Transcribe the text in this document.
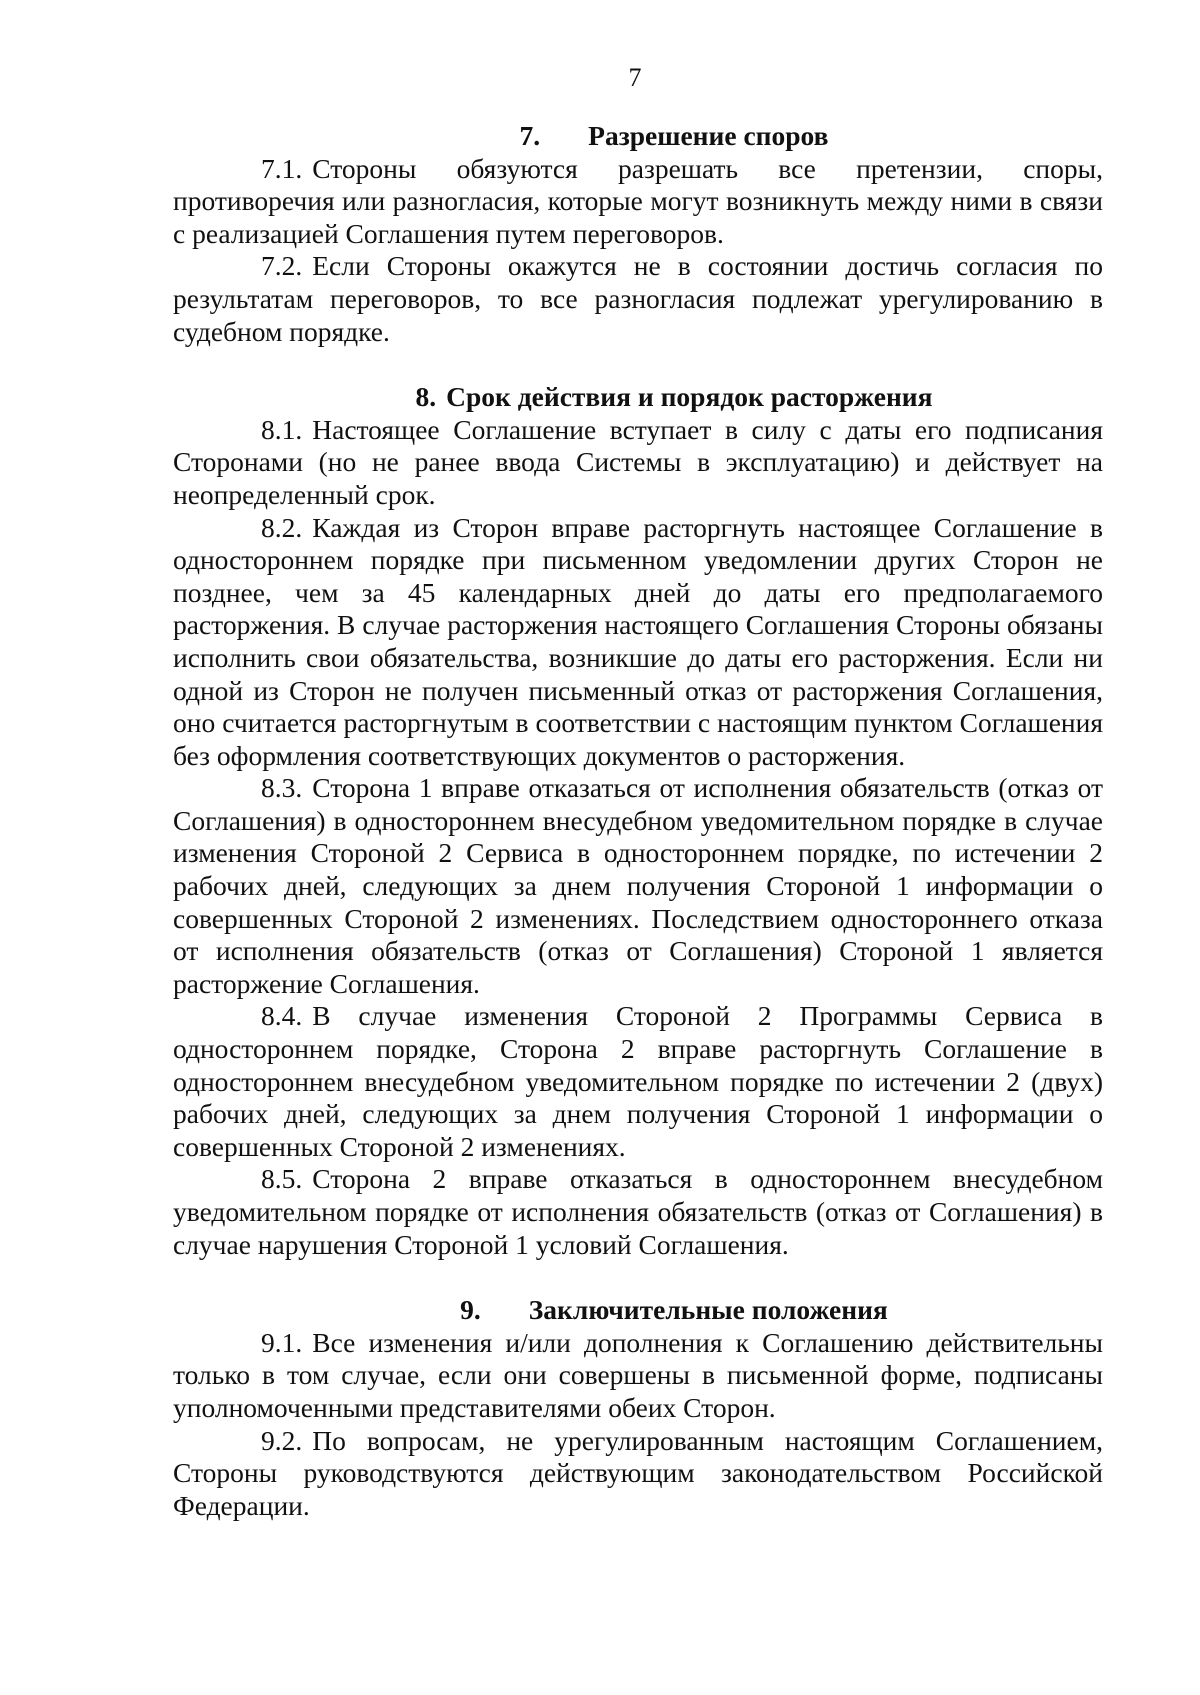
7
7. Разрешение споров

7.1. Стороны обязуются разрешать все претензии, споры, противоречия или разногласия, которые могут возникнуть между ними в связи с реализацией Соглашения путем переговоров.

7.2. Если Стороны окажутся не в состоянии достичь согласия по результатам переговоров, то все разногласия подлежат урегулированию в судебном порядке.

8. Срок действия и порядок расторжения

8.1. Настоящее Соглашение вступает в силу с даты его подписания Сторонами (но не ранее ввода Системы в эксплуатацию) и действует на неопределенный срок.

8.2. Каждая из Сторон вправе расторгнуть настоящее Соглашение в одностороннем порядке при письменном уведомлении других Сторон не позднее, чем за 45 календарных дней до даты его предполагаемого расторжения. В случае расторжения настоящего Соглашения Стороны обязаны исполнить свои обязательства, возникшие до даты его расторжения. Если ни одной из Сторон не получен письменный отказ от расторжения Соглашения, оно считается расторгнутым в соответствии с настоящим пунктом Соглашения без оформления соответствующих документов о расторжения.

8.3. Сторона 1 вправе отказаться от исполнения обязательств (отказ от Соглашения) в одностороннем внесудебном уведомительном порядке в случае изменения Стороной 2 Сервиса в одностороннем порядке, по истечении 2 рабочих дней, следующих за днем получения Стороной 1 информации о совершенных Стороной 2 изменениях. Последствием одностороннего отказа от исполнения обязательств (отказ от Соглашения) Стороной 1 является расторжение Соглашения.

8.4. В случае изменения Стороной 2 Программы Сервиса в одностороннем порядке, Сторона 2 вправе расторгнуть Соглашение в одностороннем внесудебном уведомительном порядке по истечении 2 (двух) рабочих дней, следующих за днем получения Стороной 1 информации о совершенных Стороной 2 изменениях.

8.5. Сторона 2 вправе отказаться в одностороннем внесудебном уведомительном порядке от исполнения обязательств (отказ от Соглашения) в случае нарушения Стороной 1 условий Соглашения.

9. Заключительные положения

9.1. Все изменения и/или дополнения к Соглашению действительны только в том случае, если они совершены в письменной форме, подписаны уполномоченными представителями обеих Сторон.

9.2. По вопросам, не урегулированным настоящим Соглашением, Стороны руководствуются действующим законодательством Российской Федерации.
